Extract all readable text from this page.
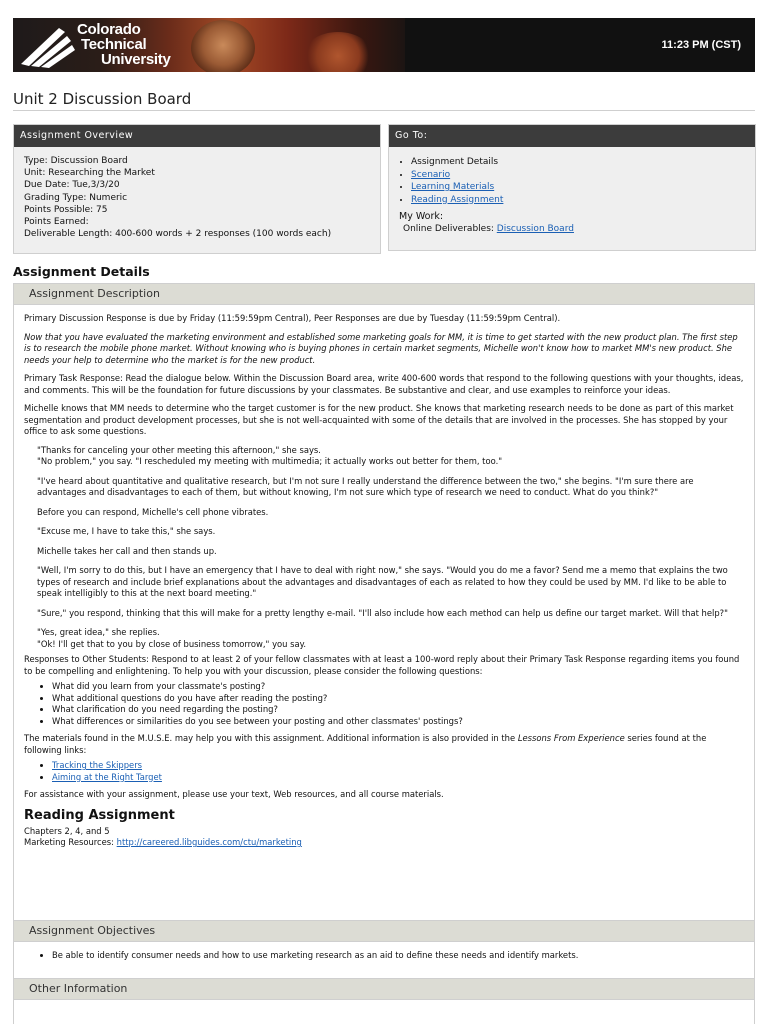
Colorado
Technical
University
11:23 PM (CST)
Unit 2 Discussion Board
Assignment Overview
Type: Discussion Board
Unit: Researching the Market
Due Date: Tue,3/3/20
Grading Type: Numeric
Points Possible: 75
Points Earned:
Deliverable Length: 400-600 words + 2 responses (100 words each)
Go To:
• Assignment Details
• Scenario
• Learning Materials
• Reading Assignment
My Work:
Online Deliverables: Discussion Board
Assignment Details
Assignment Description

Primary Discussion Response is due by Friday (11:59:59pm Central), Peer Responses are due by Tuesday (11:59:59pm Central).

Now that you have evaluated the marketing environment and established some marketing goals for MM, it is time to get started with the new product plan. The first step is to research the mobile phone market. Without knowing who is buying phones in certain market segments, Michelle won't know how to market MM's new product. She needs your help to determine who the market is for the new product.

Primary Task Response: Read the dialogue below. Within the Discussion Board area, write 400-600 words that respond to the following questions with your thoughts, ideas, and comments. This will be the foundation for future discussions by your classmates. Be substantive and clear, and use examples to reinforce your ideas.

Michelle knows that MM needs to determine who the target customer is for the new product. She knows that marketing research needs to be done as part of this market segmentation and product development processes, but she is not well-acquainted with some of the details that are involved in the processes. She has stopped by your office to ask some questions.

"Thanks for canceling your other meeting this afternoon," she says.
"No problem," you say. "I rescheduled my meeting with multimedia; it actually works out better for them, too."
"I've heard about quantitative and qualitative research, but I'm not sure I really understand the difference between the two," she begins. "I'm sure there are advantages and disadvantages to each of them, but without knowing, I'm not sure which type of research we need to conduct. What do you think?"
Before you can respond, Michelle's cell phone vibrates.
"Excuse me, I have to take this," she says.
Michelle takes her call and then stands up.
"Well, I'm sorry to do this, but I have an emergency that I have to deal with right now," she says. "Would you do me a favor? Send me a memo that explains the two types of research and include brief explanations about the advantages and disadvantages of each as related to how they could be used by MM. I'd like to be able to speak intelligibly to this at the next board meeting."
"Sure," you respond, thinking that this will make for a pretty lengthy e-mail. "I'll also include how each method can help us define our target market. Will that help?"
"Yes, great idea," she replies.
"Ok! I'll get that to you by close of business tomorrow," you say.

Responses to Other Students: Respond to at least 2 of your fellow classmates with at least a 100-word reply about their Primary Task Response regarding items you found to be compelling and enlightening. To help you with your discussion, please consider the following questions:

• What did you learn from your classmate's posting?
• What additional questions do you have after reading the posting?
• What clarification do you need regarding the posting?
• What differences or similarities do you see between your posting and other classmates' postings?

The materials found in the M.U.S.E. may help you with this assignment. Additional information is also provided in the Lessons From Experience series found at the following links:

• Tracking the Skippers
• Aiming at the Right Target

For assistance with your assignment, please use your text, Web resources, and all course materials.

Reading Assignment
Chapters 2, 4, and 5
Marketing Resources: http://careered.libguides.com/ctu/marketing
Assignment Objectives
• Be able to identify consumer needs and how to use marketing research as an aid to define these needs and identify markets.
Other Information
